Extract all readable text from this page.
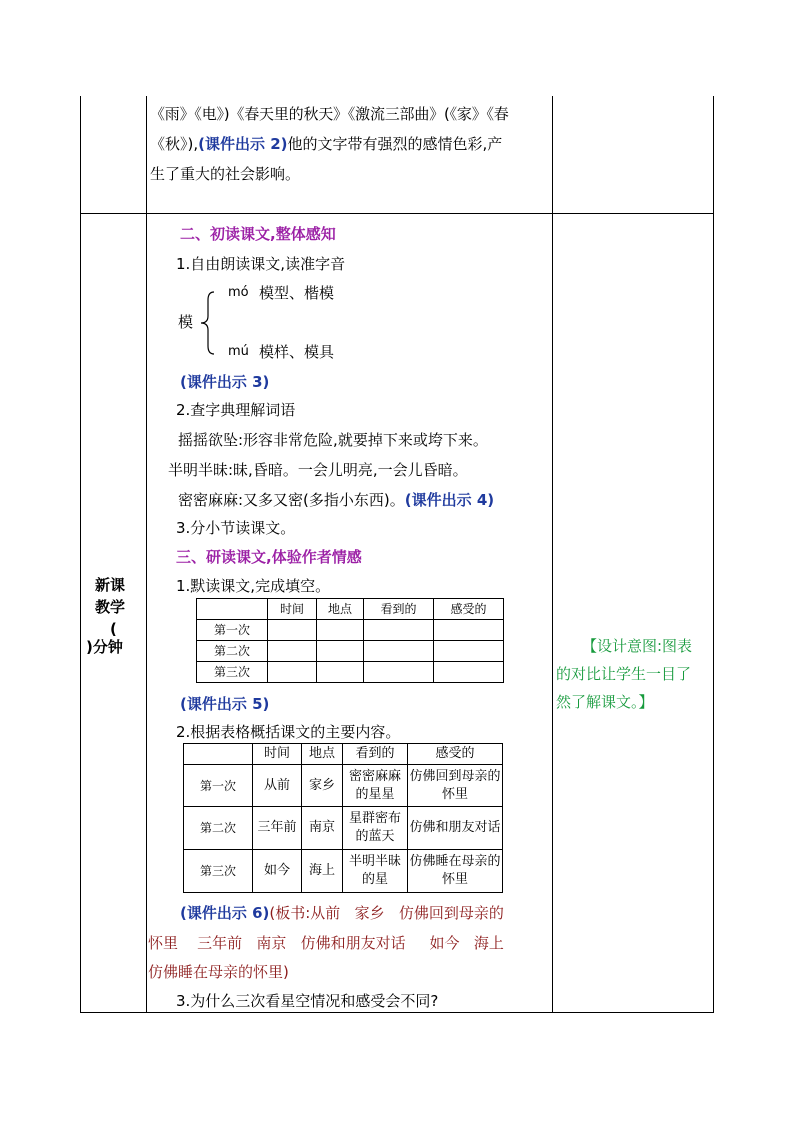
《雨》《电》)《春天里的秋天》《激流三部曲》(《家》《春
《秋》),(课件出示 2)他的文字带有强烈的感情色彩,产
生了重大的社会影响。
新课
教学
(
)分钟
二、初读课文,整体感知
1.自由朗读课文,读准字音
mó 模型、楷模
模
mú 模样、模具
(课件出示 3)
2.查字典理解词语
摇摇欲坠:形容非常危险,就要掉下来或垮下来。
半明半昧:昧,昏暗。一会儿明亮,一会儿昏暗。
密密麻麻:又多又密(多指小东西)。(课件出示 4)
3.分小节读课文。
三、研读课文,体验作者情感
1.默读课文,完成填空。
	时间	地点	看到的	感受的
第一次				
第二次				
第三次				
(课件出示 5)
2.根据表格概括课文的主要内容。
	时间	地点	看到的	感受的
第一次	从前	家乡	密密麻麻的星星	仿佛回到母亲的怀里
第二次	三年前	南京	星群密布的蓝天	仿佛和朋友对话
第三次	如今	海上	半明半昧的星	仿佛睡在母亲的怀里
(课件出示 6)(板书:从前   家乡   仿佛回到母亲的
怀里    三年前   南京   仿佛和朋友对话     如今   海上
仿佛睡在母亲的怀里)
3.为什么三次看星空情况和感受会不同?
【设计意图:图表
的对比让学生一目了
然了解课文。】
